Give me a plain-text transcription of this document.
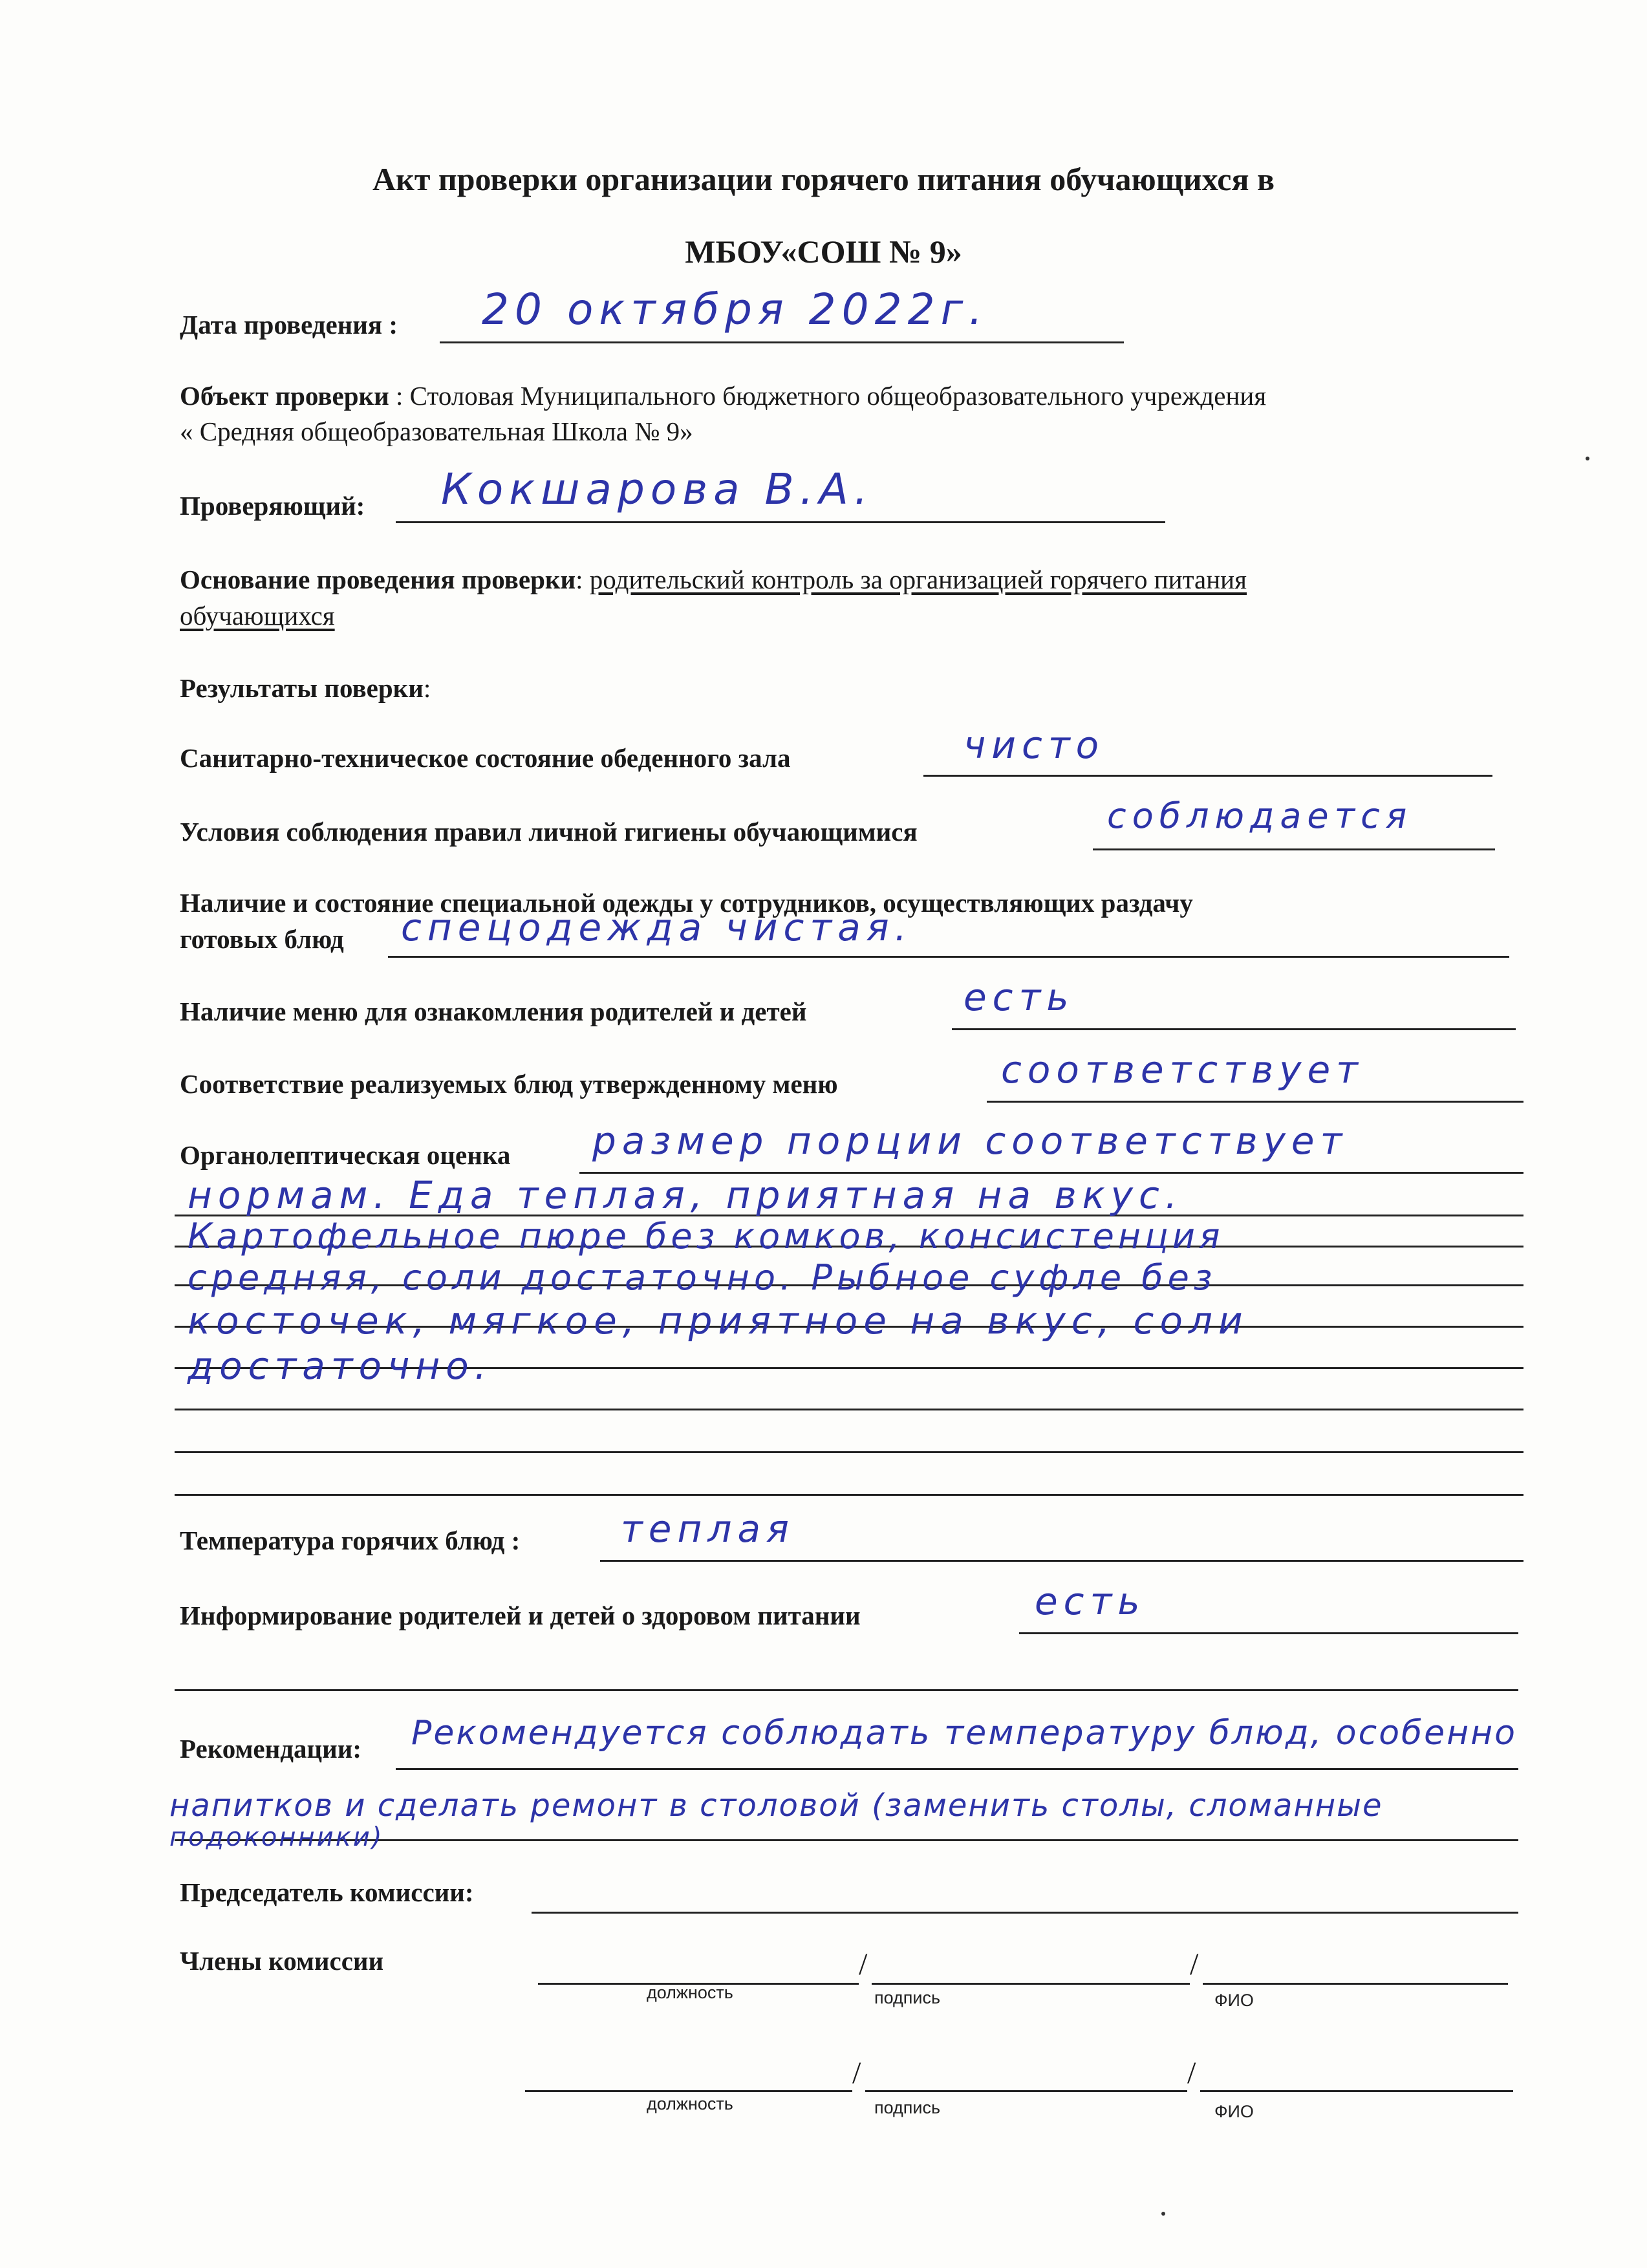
Акт проверки организации горячего питания обучающихся в
МБОУ«СОШ № 9»
Дата проведения : 20 октября 2022г.
Объект проверки : Столовая Муниципального бюджетного общеобразовательного учреждения
« Средняя общеобразовательная Школа № 9»
Проверяющий: Кокшарова В.А.
Основание проведения проверки: родительский контроль за организацией горячего питания
обучающихся
Результаты поверки:
Санитарно-техническое состояние обеденного зала	чисто
Условия соблюдения правил личной гигиены обучающимися	соблюдается
Наличие и состояние специальной одежды у сотрудников, осуществляющих раздачу
готовых блюд спецодежда чистая.
Наличие меню для ознакомления родителей и детей	есть
Соответствие реализуемых блюд утвержденному меню	соответствует
Органолептическая оценка размер порции соответствует
нормам. Еда теплая, приятная на вкус.
Картофельное пюре без комков, консистенция
средняя, соли достаточно. Рыбное суфле без
косточек, мягкое, приятное на вкус, соли
достаточно.
Температура горячих блюд :	теплая
Информирование родителей и детей о здоровом питании	есть
Рекомендации: Рекомендуется соблюдать температуру блюд, особенно
напитков и сделать ремонт в столовой (заменить столы, сломанные
подоконники)
Председатель комиссии:
Члены комиссии	/	/
должность	подпись	ФИО
/	/
должность	подпись	ФИО
